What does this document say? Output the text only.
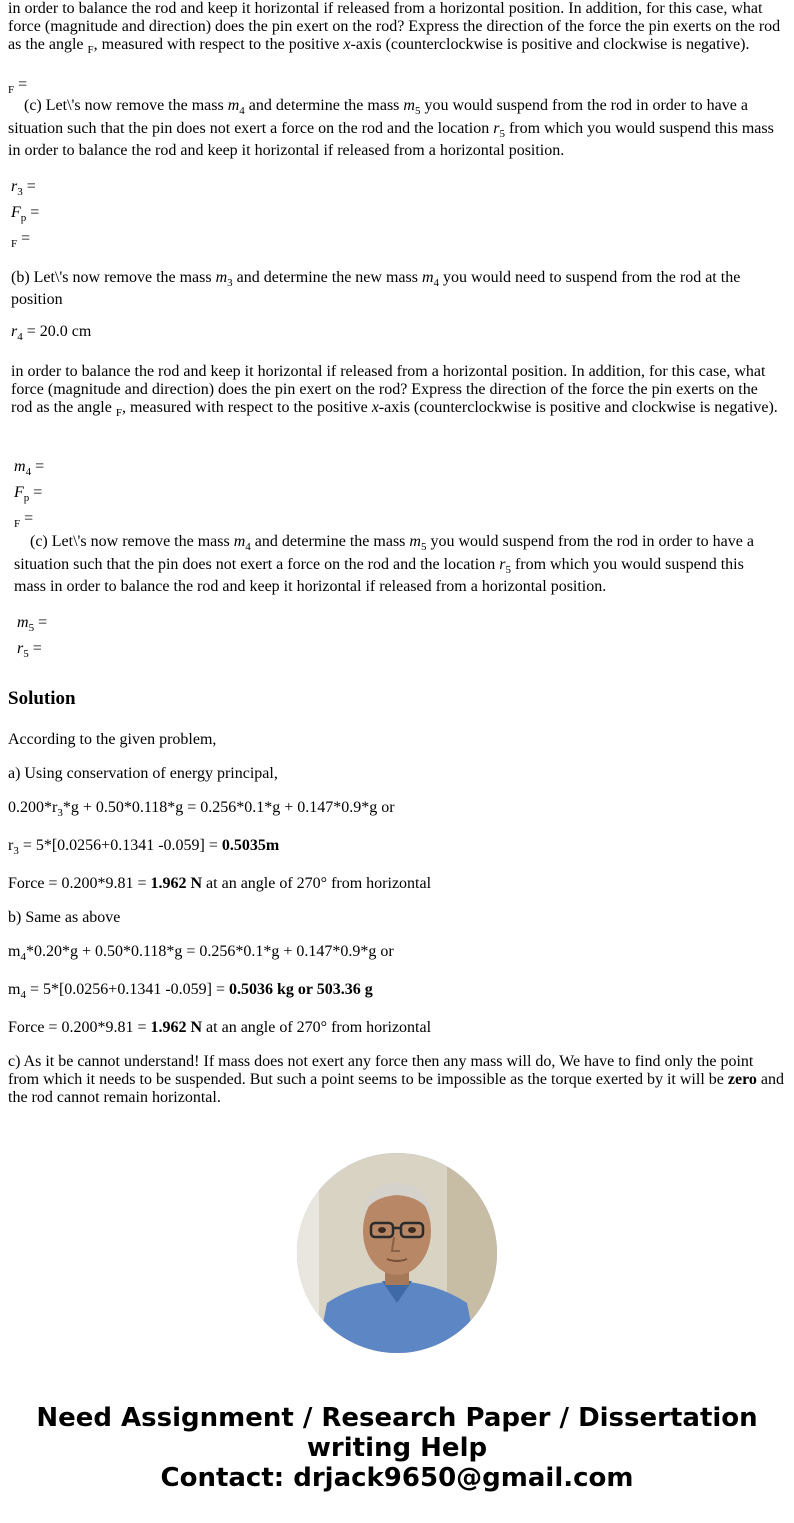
in order to balance the rod and keep it horizontal if released from a horizontal position. In addition, for this case, what force (magnitude and direction) does the pin exert on the rod? Express the direction of the force the pin exerts on the rod as the angle $_F$, measured with respect to the positive x-axis (counterclockwise is positive and clockwise is negative).

$_F$ =

(c) Let\'s now remove the mass $m_4$ and determine the mass $m_5$ you would suspend from the rod in order to have a situation such that the pin does not exert a force on the rod and the location $r_5$ from which you would suspend this mass in order to balance the rod and keep it horizontal if released from a horizontal position.

$r_3$ =

$F_p$ =

$_F$ =

(b) Let\'s now remove the mass $m_3$ and determine the new mass $m_4$ you would need to suspend from the rod at the position

$r_4 = 20.0$ cm

in order to balance the rod and keep it horizontal if released from a horizontal position. In addition, for this case, what force (magnitude and direction) does the pin exert on the rod? Express the direction of the force the pin exerts on the rod as the angle $_F$, measured with respect to the positive x-axis (counterclockwise is positive and clockwise is negative).

$m_4$ =

$F_p$ =

$_F$ =

(c) Let\'s now remove the mass $m_4$ and determine the mass $m_5$ you would suspend from the rod in order to have a situation such that the pin does not exert a force on the rod and the location $r_5$ from which you would suspend this mass in order to balance the rod and keep it horizontal if released from a horizontal position.

$m_5$ =

$r_5$ =

Solution

According to the given problem,

a) Using conservation of energy principal,

$0.200*r_3*g + 0.50*0.118*g = 0.256*0.1*g + 0.147*0.9*g$ or

$r_3 = 5*[0.0256+0.1341$ -0.059] = 0.5035m

Force = 0.200*9.81 = 1.962 N at an angle of 270° from horizontal

b) Same as above

$m_4*0.20*g + 0.50*0.118*g = 0.256*0.1*g + 0.147*0.9*g$ or

$m_4 = 5*[0.0256+0.1341$ -0.059] = 0.5036 kg or 503.36 g

Force = 0.200*9.81 = 1.962 N at an angle of 270° from horizontal

c) As it be cannot understand! If mass does not exert any force then any mass will do, We have to find only the point from which it needs to be suspended. But such a point seems to be impossible as the torque exerted by it will be zero and the rod cannot remain horizontal.

Need Assignment / Research Paper / Dissertation
writing Help
Contact: drjack9650@gmail.com
